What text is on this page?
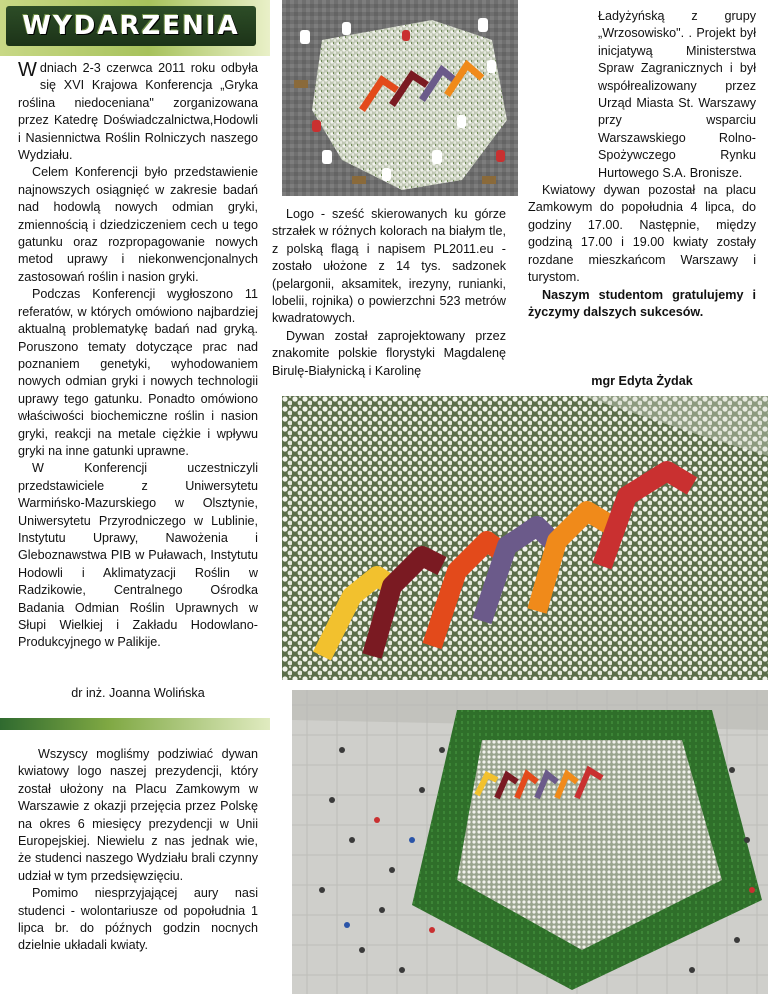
WYDARZENIA

Wdniach 2-3 czerwca 2011 roku odbyła się XVI Krajowa Konferencja „Gryka roślina niedoceniana" zorganizowana przez Katedrę Doświadczalnictwa,Hodowli i Nasiennictwa Roślin Rolniczych naszego Wydziału.

Celem Konferencji było przedstawienie najnowszych osiągnięć w zakresie badań nad hodowlą nowych odmian gryki, zmiennością i dziedziczeniem cech u tego gatunku oraz rozpropagowanie nowych metod uprawy i niekonwencjonalnych zastosowań roślin i nasion gryki.

Podczas Konferencji wygłoszono 11 referatów, w których omówiono najbardziej aktualną problematykę badań nad gryką. Poruszono tematy dotyczące prac nad poznaniem genetyki, wyhodowaniem nowych odmian gryki i nowych technologii uprawy tego gatunku. Ponadto omówiono właściwości biochemiczne roślin i nasion gryki, reakcji na metale ciężkie i wpływu gryki na inne gatunki uprawne.

W Konferencji uczestniczyli przedstawiciele z Uniwersytetu Warmińsko-Mazurskiego w Olsztynie, Uniwersytetu Przyrodniczego w Lublinie, Instytutu Uprawy, Nawożenia i Gleboznawstwa PIB w Puławach, Instytutu Hodowli i Aklimatyzacji Roślin w Radzikowie, Centralnego Ośrodka Badania Odmian Roślin Uprawnych w Słupi Wielkiej i Zakładu Hodowlano-Produkcyjnego w Palikije.

dr inż. Joanna Wolińska

Wszyscy mogliśmy podziwiać dywan kwiatowy logo naszej prezydencji, który został ułożony na Placu Zamkowym w Warszawie z okazji przejęcia przez Polskę na okres 6 miesięcy prezydencji w Unii Europejskiej. Niewielu z nas jednak wie, że studenci naszego Wydziału brali czynny udział w tym przedsięwzięciu.

Pomimo niesprzyjającej aury nasi studenci - wolontariusze od popołudnia 1 lipca br. do późnych godzin nocnych dzielnie układali kwiaty.

Logo - sześć skierowanych ku górze strzałek w różnych kolorach na białym tle, z polską flagą i napisem PL2011.eu - zostało ułożone z 14 tys. sadzonek (pelargonii, aksamitek, irezyny, runianki, lobelii, rojnika) o powierzchni 523 metrów kwadratowych.

Dywan został zaprojektowany przez znakomite polskie florystyki Magdalenę Birulę-Białynicką i Karolinę

Ładyżyńską z grupy „Wrzosowisko". . Projekt był inicjatywą Ministerstwa Spraw Zagranicznych i był współrealizowany przez Urząd Miasta St. Warszawy przy wsparciu Warszawskiego Rolno-Spożywczego Rynku Hurtowego S.A. Bronisze.

Kwiatowy dywan pozostał na placu Zamkowym do popołudnia 4 lipca, do godziny 17.00. Następnie, między godziną 17.00 i 19.00 kwiaty zostały rozdane mieszkańcom Warszawy i turystom.

Naszym studentom gratulujemy i życzymy dalszych sukcesów.

mgr Edyta Żydak
